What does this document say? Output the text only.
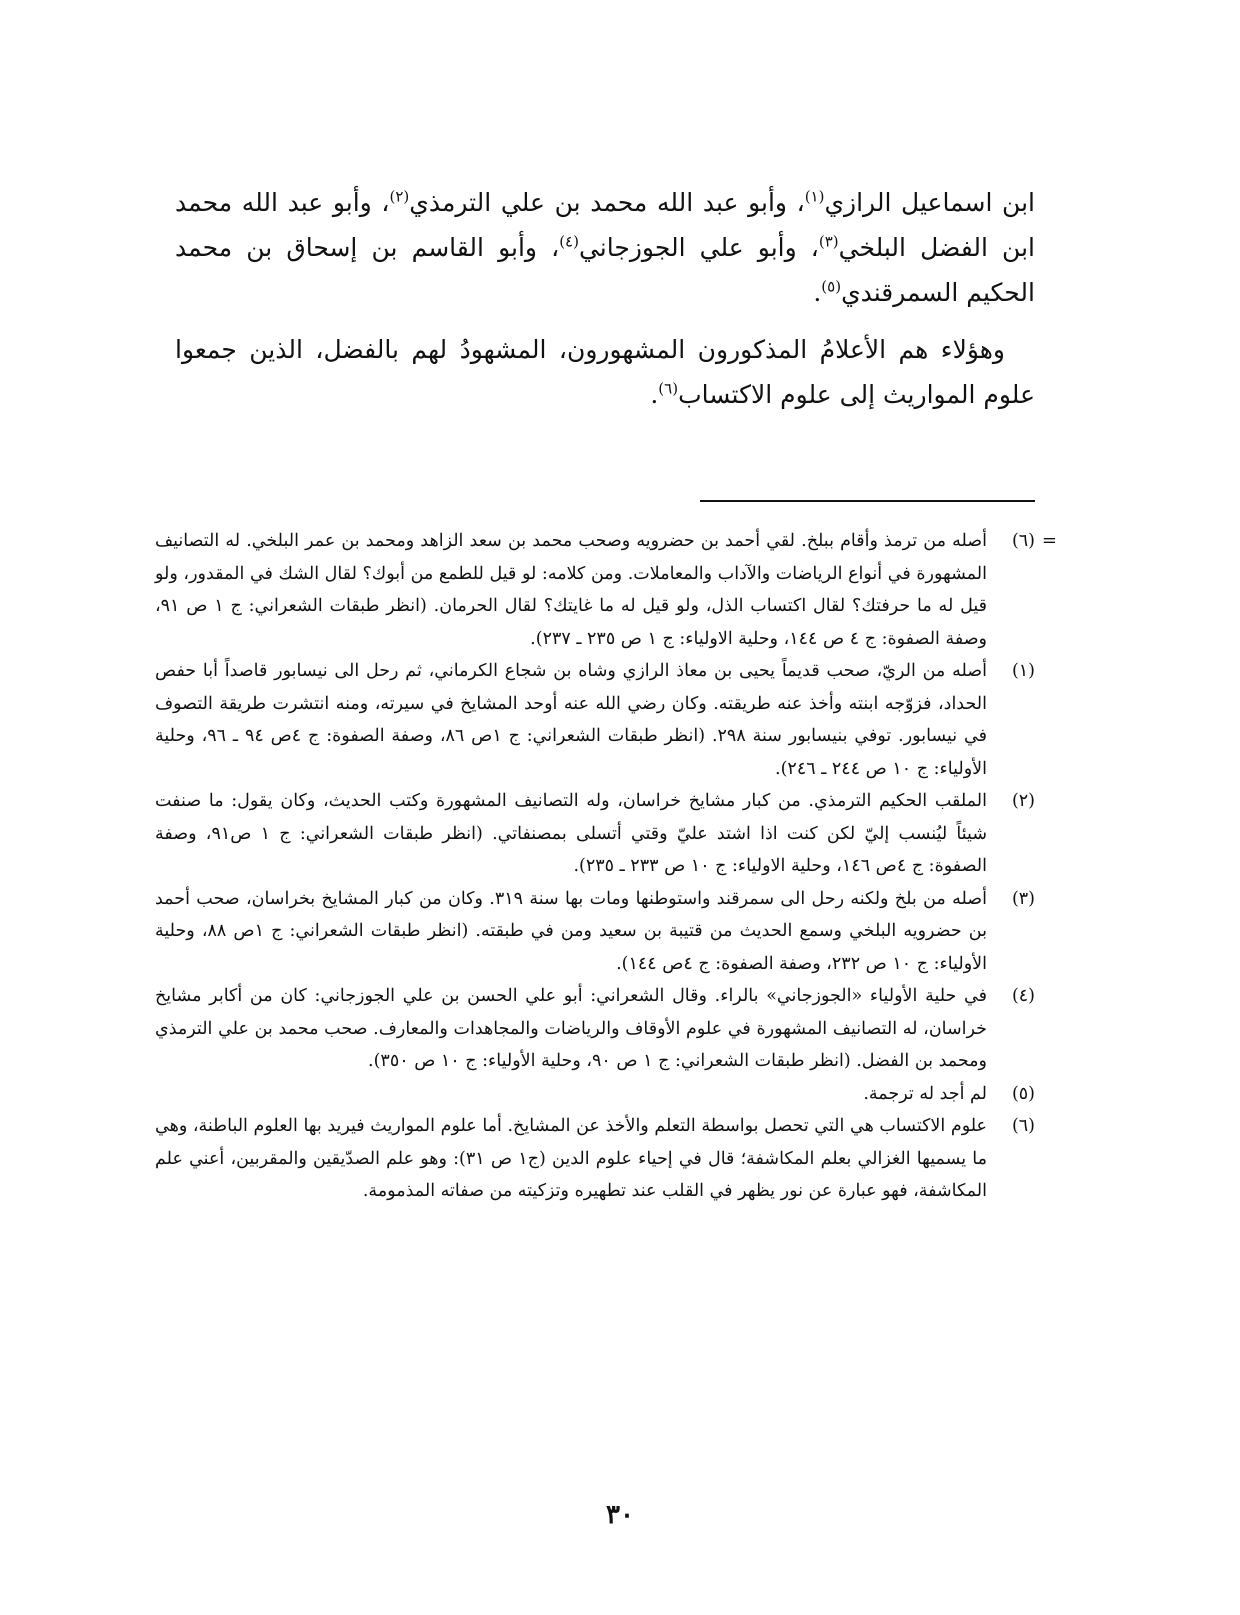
ابن اسماعيل الرازي$^{(١)}$، وأبو عبد الله محمد بن علي الترمذي$^{(٢)}$، وأبو عبد الله محمد ابن الفضل البلخي$^{(٣)}$، وأبو علي الجوزجاني$^{(٤)}$، وأبو القاسم بن إسحاق بن محمد الحكيم السمرقندي$^{(٥)}$.

وهؤلاء هم الأعلامُ المذكورون المشهورون، المشهودُ لهم بالفضل، الذين جمعوا علوم المواريث إلى علوم الاكتساب$^{(٦)}$.

=
(٦)
أصله من ترمذ وأقام ببلخ. لقي أحمد بن حضرويه وصحب محمد بن سعد الزاهد ومحمد بن عمر البلخي. له التصانيف المشهورة في أنواع الرياضات والآداب والمعاملات. ومن كلامه: لو قيل للطمع من أبوك؟ لقال الشك في المقدور، ولو قيل له ما حرفتك؟ لقال اكتساب الذل، ولو قيل له ما غايتك؟ لقال الحرمان. (انظر طبقات الشعراني: ج ١ ص ٩١، وصفة الصفوة: ج ٤ ص ١٤٤، وحلية الاولياء: ج ١ ص ٢٣٥ ـ ٢٣٧).
(١)
أصله من الريّ، صحب قديماً يحيى بن معاذ الرازي وشاه بن شجاع الكرماني، ثم رحل الى نيسابور قاصداً أبا حفص الحداد، فزوّجه ابنته وأخذ عنه طريقته. وكان رضي الله عنه أوحد المشايخ في سيرته، ومنه انتشرت طريقة التصوف في نيسابور. توفي بنيسابور سنة ٢٩٨. (انظر طبقات الشعراني: ج ١ص ٨٦، وصفة الصفوة: ج ٤ص ٩٤ ـ ٩٦، وحلية الأولياء: ج ١٠ ص ٢٤٤ ـ ٢٤٦).
(٢)
الملقب الحكيم الترمذي. من كبار مشايخ خراسان، وله التصانيف المشهورة وكتب الحديث، وكان يقول: ما صنفت شيئاً ليُنسب إليّ لكن كنت اذا اشتد عليّ وقتي أتسلى بمصنفاتي. (انظر طبقات الشعراني: ج ١ ص٩١، وصفة الصفوة: ج ٤ص ١٤٦، وحلية الاولياء: ج ١٠ ص ٢٣٣ ـ ٢٣٥).
(٣)
أصله من بلخ ولكنه رحل الى سمرقند واستوطنها ومات بها سنة ٣١٩. وكان من كبار المشايخ بخراسان، صحب أحمد بن حضرويه البلخي وسمع الحديث من قتيبة بن سعيد ومن في طبقته. (انظر طبقات الشعراني: ج ١ص ٨٨، وحلية الأولياء: ج ١٠ ص ٢٣٢، وصفة الصفوة: ج ٤ص ١٤٤).
(٤)
في حلية الأولياء «الجوزجاني» بالراء. وقال الشعراني: أبو علي الحسن بن علي الجوزجاني: كان من أكابر مشايخ خراسان، له التصانيف المشهورة في علوم الأوقاف والرياضات والمجاهدات والمعارف. صحب محمد بن علي الترمذي ومحمد بن الفضل. (انظر طبقات الشعراني: ج ١ ص ٩٠، وحلية الأولياء: ج ١٠ ص ٣٥٠).
(٥)
لم أجد له ترجمة.
(٦)
علوم الاكتساب هي التي تحصل بواسطة التعلم والأخذ عن المشايخ. أما علوم المواريث فيريد بها العلوم الباطنة، وهي ما يسميها الغزالي بعلم المكاشفة؛ قال في إحياء علوم الدين (ج١ ص ٣١): وهو علم الصدّيقين والمقربين، أعني علم المكاشفة، فهو عبارة عن نور يظهر في القلب عند تطهيره وتزكيته من صفاته المذمومة.
٣٠
